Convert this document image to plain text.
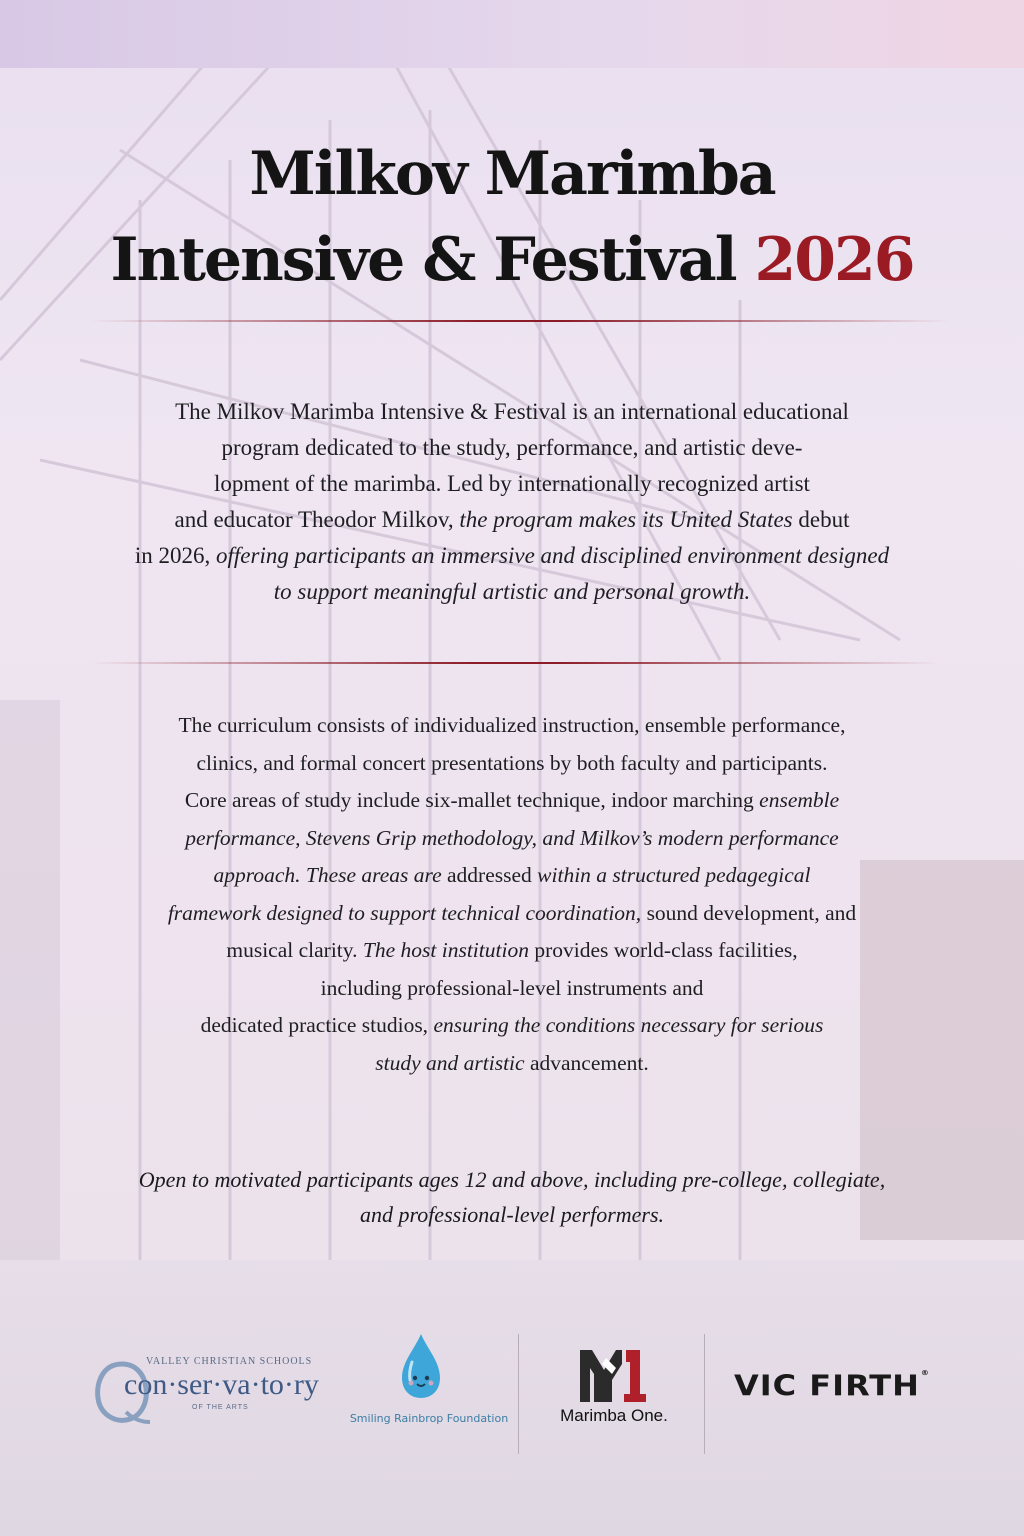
Milkov Marimba
Intensive & Festival 2026
The Milkov Marimba Intensive & Festival is an international educational
program dedicated to the study, performance, and artistic deve-
lopment of the marimba. Led by internationally recognized artist
and educator Theodor Milkov, the program makes its United States debut
in 2026, offering participants an immersive and disciplined environment designed
to support meaningful artistic and personal growth.
The curriculum consists of individualized instruction, ensemble performance,
clinics, and formal concert presentations by both faculty and participants.
Core areas of study include six-mallet technique, indoor marching ensemble
performance, Stevens Grip methodology, and Milkov’s modern performance
approach. These areas are addressed within a structured pedagegical
framework designed to support technical coordination, sound development, and
musical clarity. The host institution provides world-class facilities,
including professional-level instruments and
dedicated practice studios, ensuring the conditions necessary for serious
study and artistic advancement.
Open to motivated participants ages 12 and above, including pre-college, collegiate,
and professional-level performers.
VALLEY CHRISTIAN SCHOOLS
con·ser·va·to·ry
OF THE ARTS
Smiling Rainbrop Foundation	Marimba One.
VIC FIRTH®
